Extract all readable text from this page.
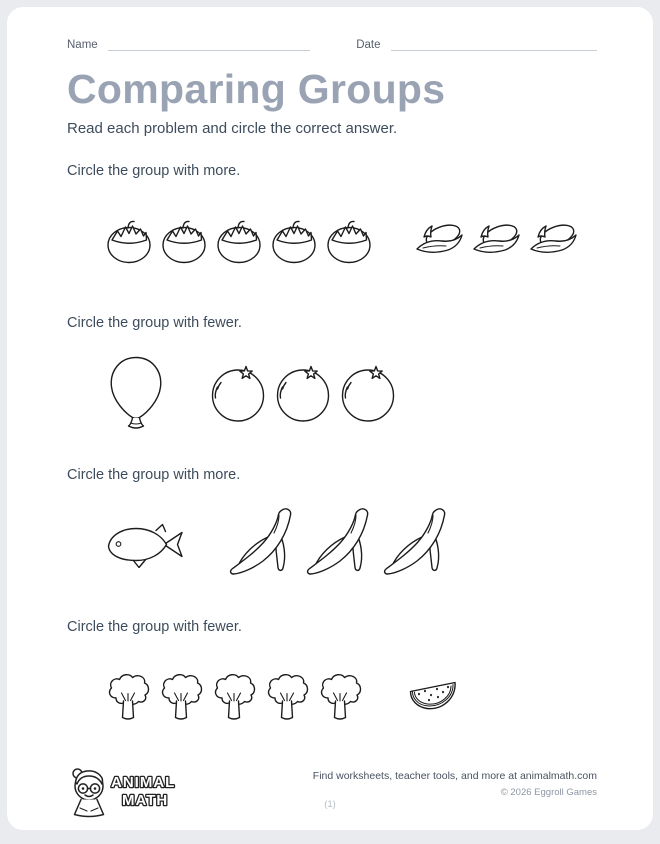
Name	Date
Comparing Groups
Read each problem and circle the correct answer.
Circle the group with more.
Circle the group with fewer.
Circle the group with more.
Circle the group with fewer.
ANIMAL
MATH
Find worksheets, teacher tools, and more at animalmath.com
© 2026 Eggroll Games
(1)
